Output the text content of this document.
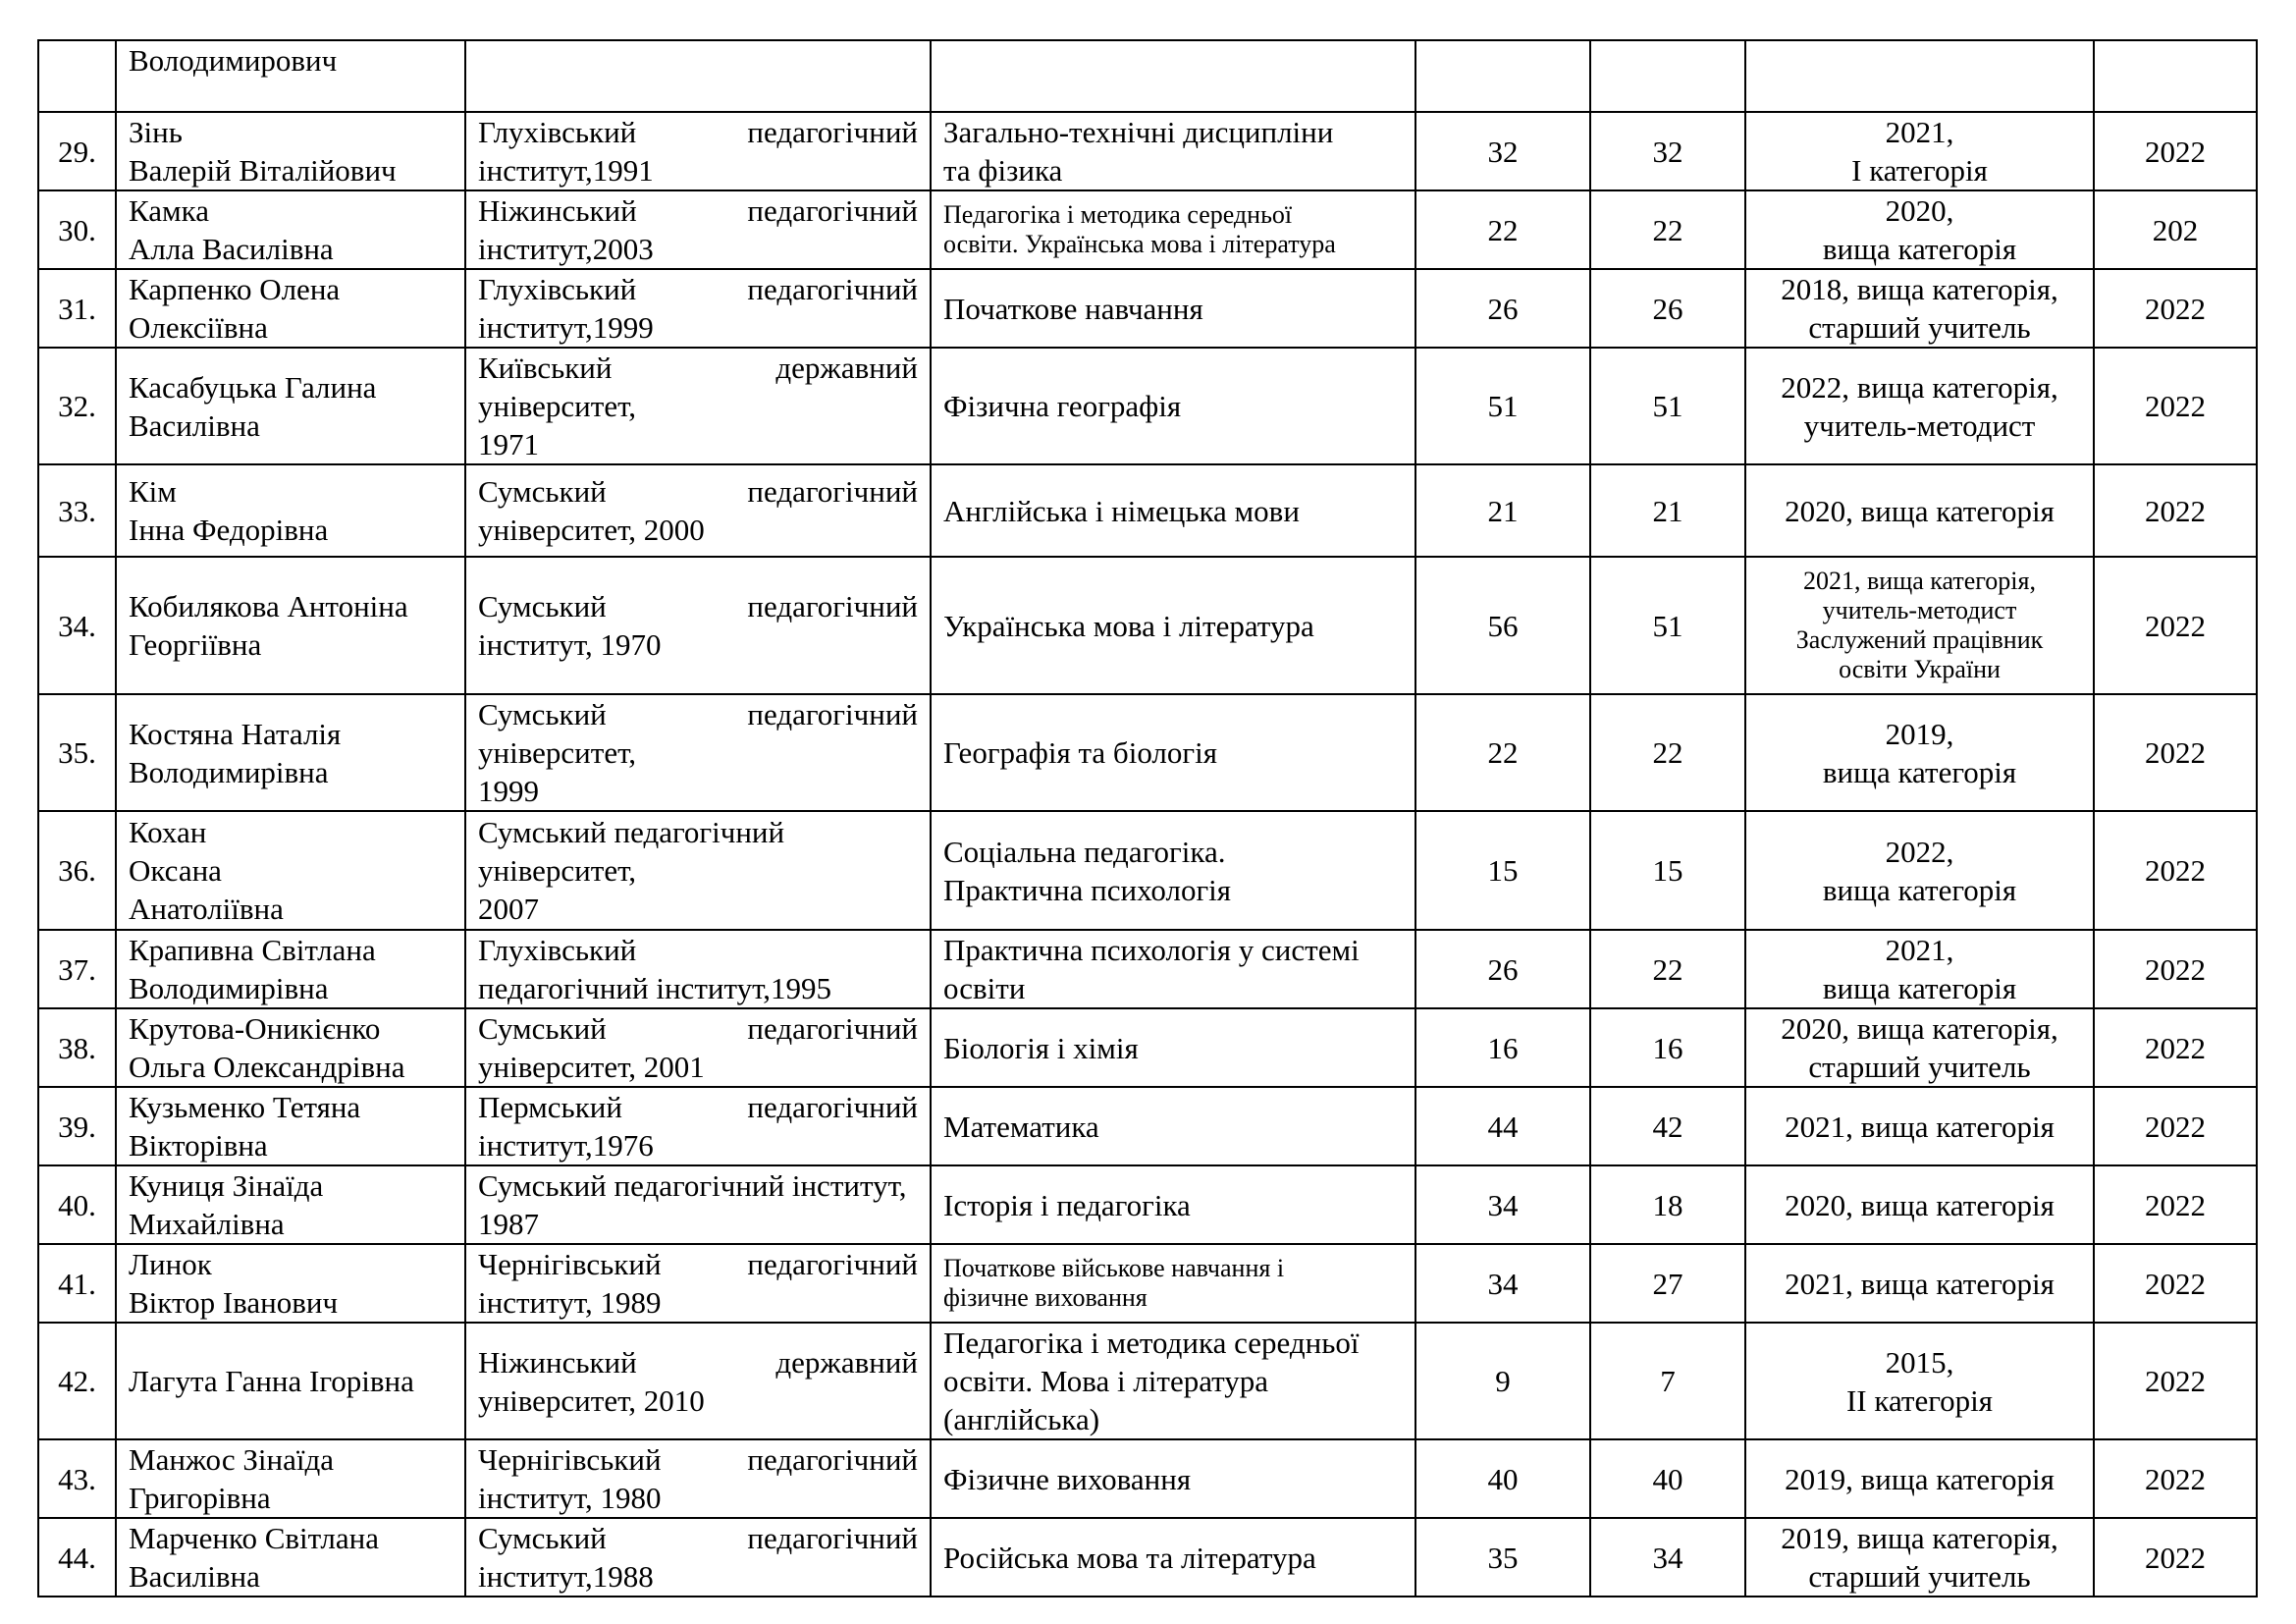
	Володимирович						

29.	Зінь
Валерій Віталійович	Глухівський педагогічний
інститут,1991	Загально-технічні дисципліни
та фізика	32	32	2021,
І категорія	2022
30.	Камка
Алла Василівна	Ніжинський педагогічний
інститут,2003	Педагогіка і методика середньої
освіти. Українська мова і література	22	22	2020,
вища категорія	202
31.	Карпенко Олена
Олексіївна	Глухівський педагогічний
інститут,1999	Початкове навчання	26	26	2018, вища категорія,
старший учитель	2022
32.	Касабуцька Галина
Василівна	Київський державний
університет,
1971	Фізична географія	51	51	2022, вища категорія,
учитель-методист	2022
33.	Кім
Інна Федорівна	Сумський педагогічний
університет, 2000	Англійська і німецька мови	21	21	2020, вища категорія	2022
34.	Кобилякова Антоніна
Георгіївна	Сумський педагогічний
інститут, 1970	Українська мова і література	56	51	2021, вища категорія,
учитель-методист
Заслужений працівник
освіти України	2022
35.	Костяна Наталія
Володимирівна	Сумський педагогічний
університет,
1999	Географія та біологія	22	22	2019,
вища категорія	2022
36.	Кохан
Оксана
Анатоліївна	Сумський педагогічний
університет,
2007	Соціальна педагогіка.
Практична психологія	15	15	2022,
вища категорія	2022
37.	Крапивна Світлана
Володимирівна	Глухівський
педагогічний інститут,1995	Практична психологія у системі
освіти	26	22	2021,
вища категорія	2022
38.	Крутова-Оникієнко
Ольга Олександрівна	Сумський педагогічний
університет, 2001	Біологія і хімія	16	16	2020, вища категорія,
старший учитель	2022
39.	Кузьменко Тетяна
Вікторівна	Пермський педагогічний
інститут,1976	Математика	44	42	2021, вища категорія	2022
40.	Куниця Зінаїда
Михайлівна	Сумський педагогічний інститут,
1987	Історія і педагогіка	34	18	2020, вища категорія	2022
41.	Линок
Віктор Іванович	Чернігівський педагогічний
інститут, 1989	Початкове військове навчання і
фізичне виховання	34	27	2021, вища категорія	2022
42.	Лагута Ганна Ігорівна	Ніжинський державний
університет, 2010	Педагогіка і методика середньої
освіти. Мова і література
(англійська)	9	7	2015,
ІІ категорія	2022
43.	Манжос Зінаїда
Григорівна	Чернігівський педагогічний
інститут, 1980	Фізичне виховання	40	40	2019, вища категорія	2022
44.	Марченко Світлана
Василівна	Сумський педагогічний
інститут,1988	Російська мова та література	35	34	2019, вища категорія,
старший учитель	2022
